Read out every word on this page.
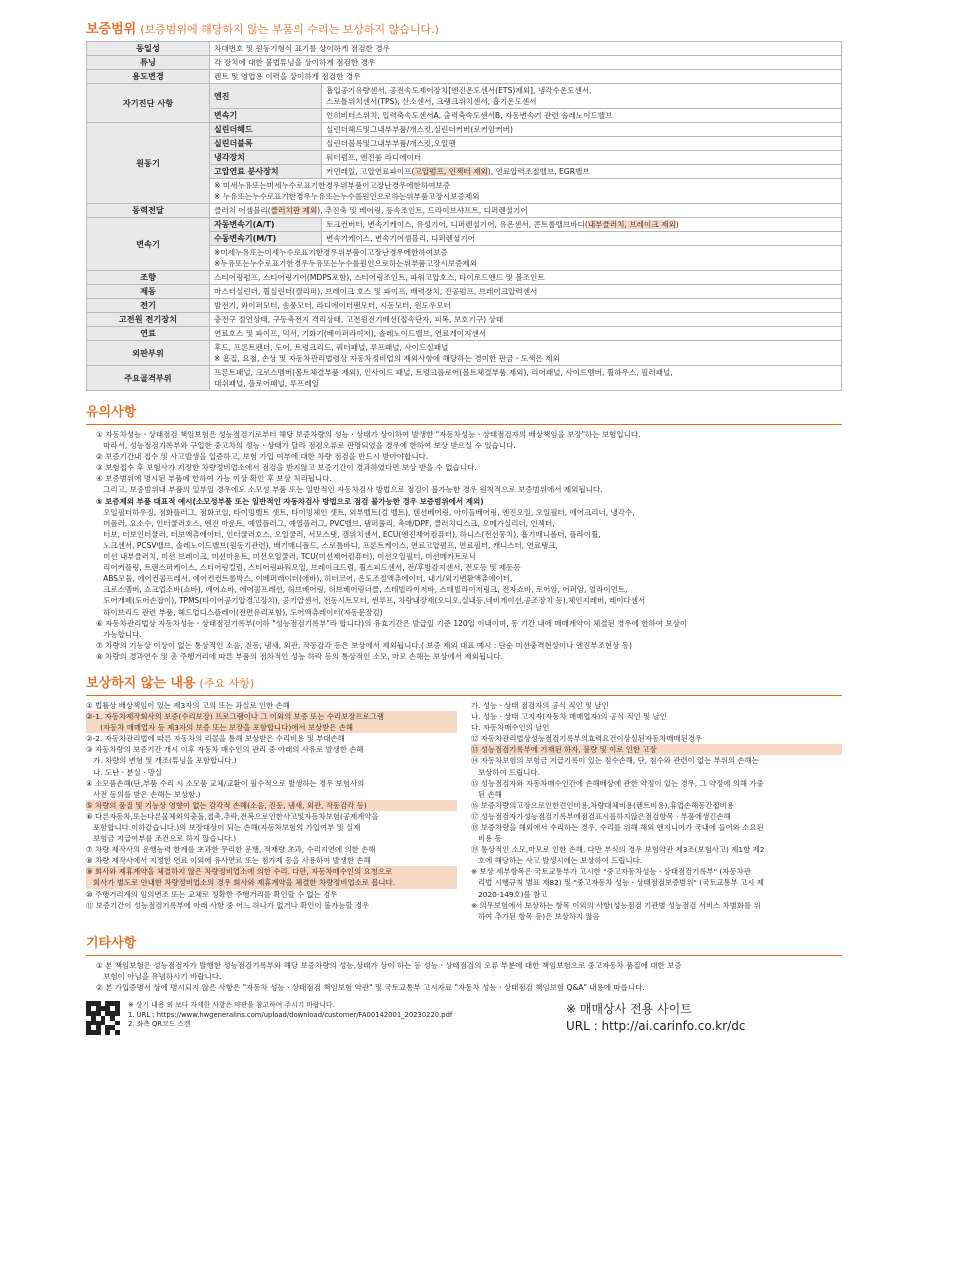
보증범위 (보증범위에 해당하지 않는 부품의 수리는 보상하지 않습니다.)
동일성	차대번호 및 원동기형식 표기를 상이하게 점검한 경우	
튜닝	각 장치에 대한 불법튜닝을 상이하게 점검한 경우	
용도변경	렌트 및 영업용 이력을 상이하게 점검한 경우	
자기진단 사항	엔진	흡입공기유량센서, 공전속도제어장치[엔진온도센서(ETS)제외], 냉각수온도센서,
스로틀위치센서(TPS), 산소센서, 크랭크위치센서, 흡기온도센서

	변속기	인히비터스위치, 입력축속도센서A, 출력축속도센서B, 자동변속기 관련 솔레노이드밸브
원동기	실린더헤드	실린더헤드및그내부부품/개스킷,실린더커버(로커암커버)
	실린더블록	실린더블록및그내부부품/개스킷,오일팬
	냉각장치	워터펌프, 엔진룸 라디에이터
	고압연료 분사장치	커먼레일, 고압연료파이프(고압펌프, 인젝터 제외), 연료압력조절밸브, EGR밸브

	※ 미세누유또는미세누수로표기한경우위부품이고장난경우에한하여보증
※ 누유또는누수로표기한경우누유또는누수를원인으로하는위부품고장시보증제외	

동력전달	클러치 어셈블리(클러치판 제외), 추진축 및 베어링, 등속조인트, 드라이브샤프트, 디퍼렌셜기어	
변속기	자동변속기(A/T)	토크컨버터, 변속기케이스, 유성기어, 디퍼렌셜기어, 유온센서, 콘트롤밸브바디(내부클러치, 브레이크 제외)
	수동변속기(M/T)	변속기케이스, 변속기어셈블리, 디퍼렌셜기어

	※미세누유또는미세누수로표기한경우위부품이고장난경우에한하여보증
※누유또는누수로표기한경우누유또는누수를원인으로하는위부품고장시보증제외	

조향	스티어링펌프, 스티어링기어(MDPS포함), 스티어링조인트, 파워고압호스, 타이로드엔드 및 볼조인트	
제동	마스터실린더, 휠실린더(캘리퍼), 브레이크 호스 및 파이프, 배력장치, 진공펌프, 브레이크압력센서	
전기	발전기, 와이퍼모터, 송풍모터, 라디에이터팬모터, 시동모터, 윈도우모터	
고전원 전기장치	충전구 절연상태, 구동축전지 격리상태, 고전원전기배선(접속단자, 피복, 보호기구) 상태	
연료	연료호스 및 파이프, 믹서, 기화기(베이퍼라이저), 솔레노이드밸브, 연료게이지센서	
외판부위	후드, 프론트펜더, 도어, 트렁크리드, 쿼터패널, 루프패널, 사이드실패널
※ 흠집, 요철, 손상 및 자동차관리법령상 자동차정비업의 제외사항에 해당하는 경미한 판금ㆍ도색은 제외	

주요골격부위	프론트패널, 크로스멤버(볼트체결부품 제외), 인사이드 패널, 트렁크플로어(볼트체결부품 제외), 리어패널, 사이드멤버, 휠하우스, 필러패널,
대쉬패널, 플로어패널, 루프레일	
유의사항

① 자동차성능ㆍ상태점검 책임보험은 성능점검기로부터 해당 보증차량의 성능ㆍ상태가 상이하여 발생한 "자동차성능ㆍ상태점검자의 배상책임을 보장"하는 보험입니다.

따라서, 성능점검기록부와 구입한 중고차의 성능ㆍ상태가 달라 점검오류로 판명되었을 경우에 한하여 보상 받으실 수 있습니다.

② 보증기간내 접수 및 사고발생을 입증하고, 보험 가입 여부에 대한 차량 점검을 반드시 받아야합니다.

③ 보험접수 후 보험사가 지정한 차량정비업소에서 점검을 받지않고 보증기간이 경과하였다면 보상 받을 수 없습니다.

④ 보증범위에 명시된 부품에 한하여 가능 이상 확인 후 보상 처리됩니다.

그리고, 보증범위내 부품의 일부일 경우에도 소모성 부품 또는 일반적인 자동차검사 방법으로 점검이 불가능한 경우 원칙적으로 보증범위에서 제외됩니다.

⑤ 보증제외 부품 대표적 예시(소모성부품 또는 일반적인 자동차검사 방법으로 점검 불가능한 경우 보증범위에서 제외)

오일필터하우징, 점화플러그, 점화코일, 타이밍벨트 셋트, 타이밍체인 셋트, 외부벨트(걸 벨트), 텐션베어링, 아이들베어링, 엔진오일, 오일필터, 에어크리너, 냉각수,

머플러, 요소수, 인터쿨러호스, 엔진 마운트, 예열플러그, 예열플러그, PVC밸브, 댐퍼풀리, 촉매/DPF, 클러치디스크, 오메가실리더, 인젝터,

터보, 터보인터쿨러, 터보액츄에이터, 인터쿨러호스, 오일쿨러, 서모스탯, 캠위치센서, ECU(엔진제어컴퓨터), 하니스(전선뭉치), 흡기매니폴더, 플라이휠,

노크센서, PCSV밸브, 솔레노이드밸브(원동기관련), 배기매니폴드, 스로틀바디, 프론트케이스, 연료고압펌프, 연료필터, 캐니스터, 연료탱크,

미션 내부클러치, 미션 브레이크, 미션마운트, 미션오일쿨러, TCU(미션제어컴퓨터), 미션오일필터, 미션메카트로닉

리어커플링, 트랜스퍼케이스, 스티어링컬럼, 스티어링파워오일, 브레이크드럼, 휠스피드센서, 전/후방감지센서, 전도등 및 제동등

ABS모듈, 에어컨콤프레서, 에어컨컨트롤박스, 이베퍼레이터(에바), 히터코어, 온도조절액츄에이터, 내기/외기변환액츄에이터,

크로스멤버, 쇼크업소바(쇼바), 에어쇼바, 에어콤프레션, 허브베어링, 허브베어링너클, 스테빌라이저바, 스테빌라이저링크, 전자쇼바, 로어암, 어퍼암, 얼라이먼트,

도어개폐(도어손잡이), TPMS(타이어공기압경고장치), 공기압센서, 전동시트모터, 썬루프, 차량내장재(오디오,실내등,네비게이션,공조장치 등),체인지레버, 레이다센서

하이브리드 관련 부품, 헤드업디스플레이(전면유리포함), 도어액츄레이터(자동문잠김)

⑥ 자동차관리법상 자동차성능ㆍ상태점검기록부(이하 "성능점검기록부"라 합니다)의 유효기간은 발급일 기준 120일 이내이며, 동 기간 내에 매매계약이 체결된 경우에 한하여 보상이

가능합니다.

⑦ 차량의 기능상 이상이 없는 통상적인 소음, 진동, 냄새, 외관, 작동감각 등은 보상에서 제외됩니다.( 보증 제외 대표 예시 : 단순 미션충격현상이나 엔진부조현상 등)

⑧ 차량의 경과연수 및 총 주행거리에 따른 부품의 점차적인 성능 하락 등의 통상적인 소모, 마모 손해는 보상에서 제외됩니다.

보상하지 않는 내용 (주요 사항)

① 법률상 배상책임이 있는 제3자의 고의 또는 과실로 인한 손해

②-1. 자동차제작회사의 보증(수리보장) 프로그램이나 그 이외의 보증 또는 수리보장프로그램

(자동차 매매업자 등 제3자의 보증 또는 보장을 포함합니다)에서 보상받은 손해

②-2. 자동차관리법에 따른 자동차의 리콜을 통해 보상받은 수리비용 및 부대손해

③ 자동차량의 보증기간 개시 이후 자동차 매수인의 관리 중 아래의 사유로 발생한 손해

가. 차량의 변형 및 개조(튜닝을 포함합니다.)

나. 도난ㆍ분실ㆍ망실

④ 소모품손해(단,부품 수리 시 소모품 교체/교환이 필수적으로 발생하는 경우 보험사의

사전 동의를 받은 손해는 보상함.)

⑤ 차량의 품질 및 기능상 영향이 없는 감각적 손해(소음, 진동, 냄새, 외관, 작동감각 등)

⑥ 다른자동차,또는다른물체와의충돌,접촉,추락,전복으로인한사고및자동차보험(공제계약을

포함합니다.이하같습니다.)의 보장대상이 되는 손해(자동차보험의 가입여부 및 실제

보험금 지급여부를 조건으로 하지 않습니다.)

⑦ 차량 제작사의 운행능력 한계를 초과한 무리한 운행, 적재량 초과, 수리지연에 의한 손해

⑧ 차량 제작사에서 지정한 연료 이외에 유사연료 또는 첨가제 등을 사용하여 발생한 손해

⑨ 회사와 제휴계약을 체결하지 않은 차량정비업소에 의한 수리. 다만, 자동차매수인의 요청으로

회사가 별도로 안내한 차량정비업소의 경우 회사와 제휴계약을 체결한 차량정비업소로 봅니다.

⑩ 주행거리계의 임의변조 또는 교체로 정확한 주행거리를 확인할 수 없는 경우

⑪ 보증기간이 성능점검기록부에 아래 사항 중 어느 하나가 없거나 확인이 불가능할 경우

가. 성능ㆍ상태 점검자의 공식 직인 및 날인

나. 성능ㆍ상태 고지자(자동차 매매업자)의 공식 직인 및 날인

다. 자동차매수인의 날인

⑫ 자동차관리법상성능점검기록부의효력요건이상실된자동차매매된경우

⑬ 성능점검기록부에 기재된 하자, 불량 및 이로 인한 고장

⑭ 자동차보험의 보험금 지급기록이 있는 침수손해, 단, 침수와 관련이 없는 부위의 손해는

보상하여 드립니다.

⑮ 성능점검자와 자동차매수인간에 손해배상에 관한 약정이 있는 경우, 그 약정에 의해 가중

된 손해

⑯ 보증차량의고장으로인한견인비용,차량대체비용(렌트비용),휴업손해등간접비용

⑰ 성능점검자가성능점검기록부에점검표시를하지않은점검항목ㆍ부품에생긴손해

⑱ 보증차량을 해외에서 수리하는 경우, 수리를 위해 해외 엔지니어가 국내에 들어와 소요된

비용 등

⑲ 통상적인 소모,마모로 인한 손해, 다만 부식의 경우 보험약관 제3조(보험사고) 제1항 제2

호에 해당하는 사고 발생시에는 보상하여 드립니다.

※ 보상 세부항목은 국토교통부가 고시한 "중고자동차성능ㆍ상태점검기록부" (자동차관

리법 시행규칙 별표 제82) 및 "중고자동차 성능ㆍ상태점검보증범위" (국토교통부 고시 제

2020-149호)를 참고

※ 의무보험에서 보상하는 항목 이외의 사항(성능점검 기관별 성능점검 서비스 차별화를 위

하여 추가된 항목 등)은 보상하지 않음

기타사항

① 본 책임보험은 성능점검자가 발행한 성능점검기록부와 해당 보증차량의 성능,상태가 상이 하는 등 성능ㆍ상태점검의 오류 부분에 대한 책임보험으로 중고자동차 품질에 대한 보증

보험이 아님을 유념하시기 바랍니다.

② 본 가입증명서 상에 명시되지 않은 사항은 "자동차 성능ㆍ상태점검 책임보험 약관" 및 국토교통부 고시자료 "자동차 성능ㆍ상태점검 책임보험 Q&A" 내용에 따릅니다.

※ 상기 내용 외 보다 자세한 사항은 약관을 참고하여 주시기 바랍니다.
1. URL : https://www.hwgeneralins.com/upload/download/customer/FA00142001_20230220.pdf
2. 좌측 QR코드 스캔
※ 매매상사 전용 사이트
URL : http://ai.carinfo.co.kr/dc
